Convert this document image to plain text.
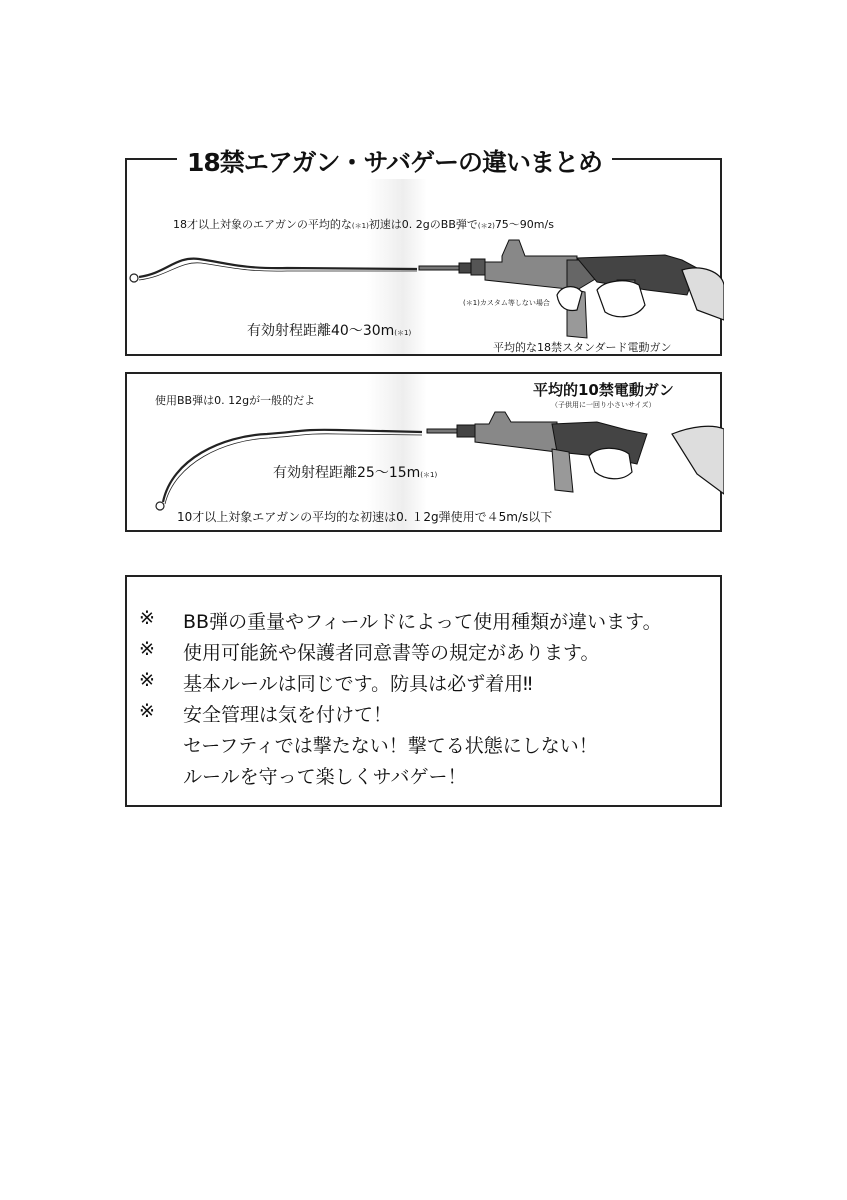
18禁エアガン・サバゲーの違いまとめ
18才以上対象のエアガンの平均的な(＊1)初速は0. 2gのBB弾で(＊2)75〜90m/s
(＊1)カスタム等しない場合
有効射程距離40〜30m(＊1)
平均的な18禁スタンダード電動ガン
使用BB弾は0. 12gが一般的だよ
平均的10禁電動ガン
（子供用に一回り小さいサイズ）
有効射程距離25〜15m(＊1)
10才以上対象エアガンの平均的な初速は0. １2g弾使用で４5m/s以下
※ BB弾の重量やフィールドによって使用種類が違います。
※ 使用可能銃や保護者同意書等の規定があります。
※ 基本ルールは同じです。防具は必ず着用‼
※ 安全管理は気を付けて！
セーフティでは撃たない！撃てる状態にしない！
ルールを守って楽しくサバゲー！
